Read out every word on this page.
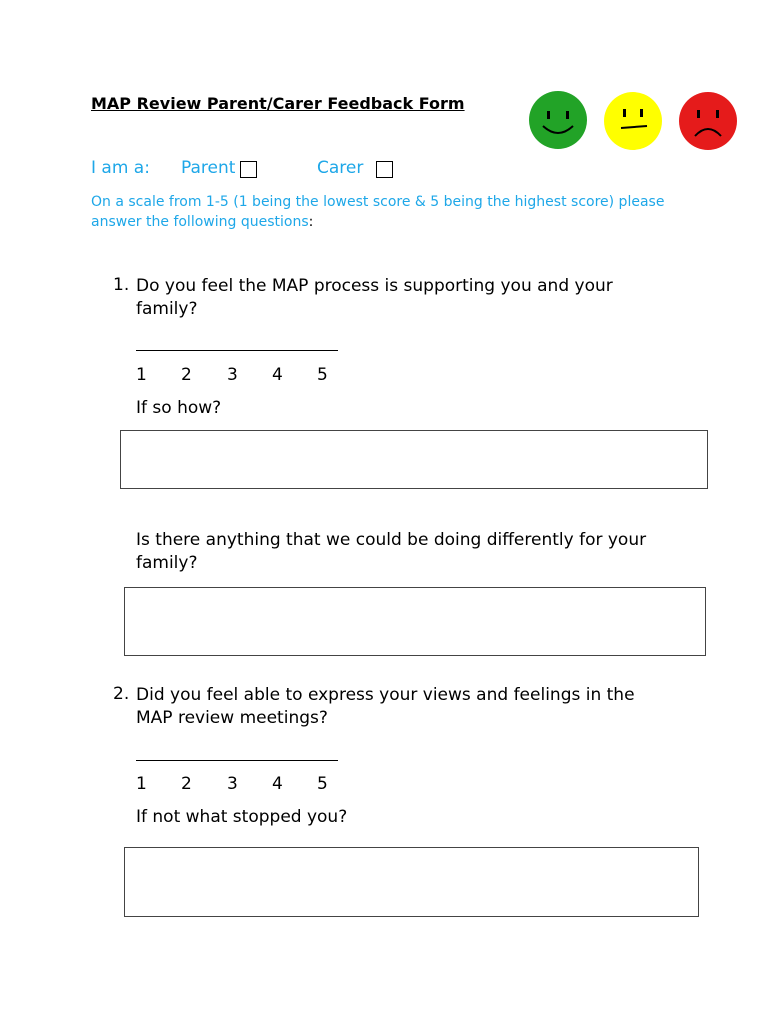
MAP Review Parent/Carer Feedback Form
I am a: Parent	Carer
On a scale from 1-5 (1 being the lowest score & 5 being the highest score) please answer the following questions:
1. Do you feel the MAP process is supporting you and your family?
1 2 3 4 5
If so how?
Is there anything that we could be doing differently for your family?
2. Did you feel able to express your views and feelings in the MAP review meetings?
1 2 3 4 5
If not what stopped you?
